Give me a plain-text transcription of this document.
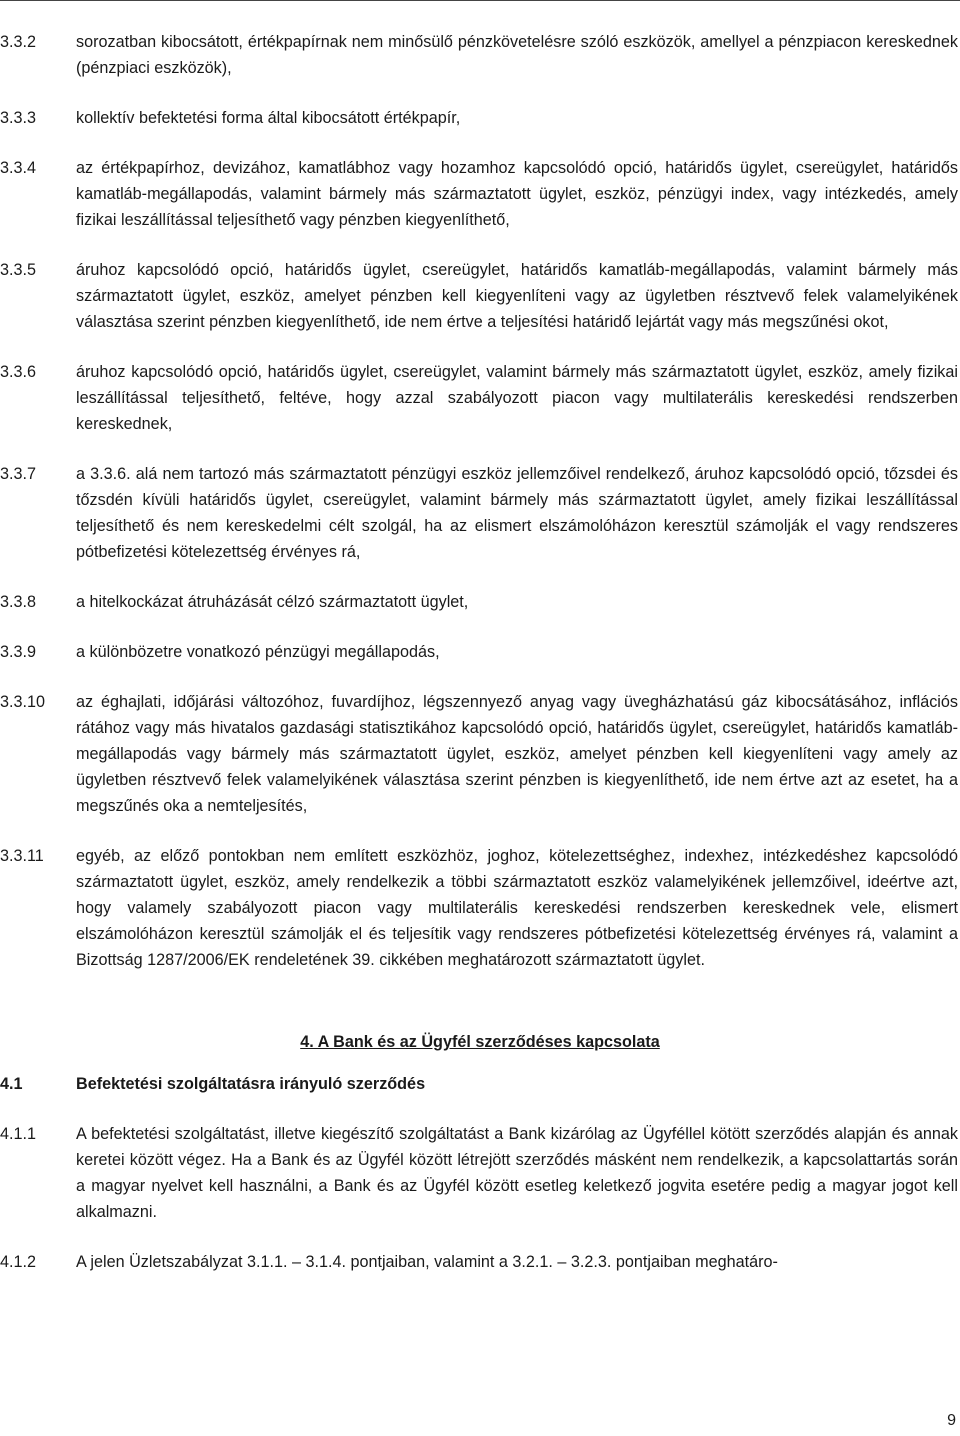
3.3.2	sorozatban kibocsátott, értékpapírnak nem minősülő pénzkövetelésre szóló eszközök, amellyel a pénzpiacon kereskednek (pénzpiaci eszközök),
3.3.3	kollektív befektetési forma által kibocsátott értékpapír,
3.3.4	az értékpapírhoz, devizához, kamatlábhoz vagy hozamhoz kapcsolódó opció, határidős ügylet, csereügylet, határidős kamatláb-megállapodás, valamint bármely más származtatott ügylet, eszköz, pénzügyi index, vagy intézkedés, amely fizikai leszállítással teljesíthető vagy pénzben kiegyenlíthető,
3.3.5	áruhoz kapcsolódó opció, határidős ügylet, csereügylet, határidős kamatláb-megállapodás, valamint bármely más származtatott ügylet, eszköz, amelyet pénzben kell kiegyenlíteni vagy az ügyletben résztvevő felek valamelyikének választása szerint pénzben kiegyenlíthető, ide nem értve a teljesítési határidő lejártát vagy más megszűnési okot,
3.3.6	áruhoz kapcsolódó opció, határidős ügylet, csereügylet, valamint bármely más származtatott ügylet, eszköz, amely fizikai leszállítással teljesíthető, feltéve, hogy azzal szabályozott piacon vagy multilaterális kereskedési rendszerben kereskednek,
3.3.7	a 3.3.6. alá nem tartozó más származtatott pénzügyi eszköz jellemzőivel rendelkező, áruhoz kapcsolódó opció, tőzsdei és tőzsdén kívüli határidős ügylet, csereügylet, valamint bármely más származtatott ügylet, amely fizikai leszállítással teljesíthető és nem kereskedelmi célt szolgál, ha az elismert elszámolóházon keresztül számolják el vagy rendszeres pótbefizetési kötelezettség érvényes rá,
3.3.8	a hitelkockázat átruházását célzó származtatott ügylet,
3.3.9	a különbözetre vonatkozó pénzügyi megállapodás,
3.3.10	az éghajlati, időjárási változóhoz, fuvardíjhoz, légszennyező anyag vagy üvegházhatású gáz kibocsátásához, inflációs rátához vagy más hivatalos gazdasági statisztikához kapcsolódó opció, határidős ügylet, csereügylet, határidős kamatláb-megállapodás vagy bármely más származtatott ügylet, eszköz, amelyet pénzben kell kiegyenlíteni vagy amely az ügyletben résztvevő felek valamelyikének választása szerint pénzben is kiegyenlíthető, ide nem értve azt az esetet, ha a megszűnés oka a nemteljesítés,
3.3.11	egyéb, az előző pontokban nem említett eszközhöz, joghoz, kötelezettséghez, indexhez, intézkedéshez kapcsolódó származtatott ügylet, eszköz, amely rendelkezik a többi származtatott eszköz valamelyikének jellemzőivel, ideértve azt, hogy valamely szabályozott piacon vagy multilaterális kereskedési rendszerben kereskednek vele, elismert elszámolóházon keresztül számolják el és teljesítik vagy rendszeres pótbefizetési kötelezettség érvényes rá, valamint a Bizottság 1287/2006/EK rendeletének 39. cikkében meghatározott származtatott ügylet.
4. A Bank és az Ügyfél szerződéses kapcsolata
4.1	Befektetési szolgáltatásra irányuló szerződés
4.1.1	A befektetési szolgáltatást, illetve kiegészítő szolgáltatást a Bank kizárólag az Ügyféllel kötött szerződés alapján és annak keretei között végez. Ha a Bank és az Ügyfél között létrejött szerződés másként nem rendelkezik, a kapcsolattartás során a magyar nyelvet kell használni, a Bank és az Ügyfél között esetleg keletkező jogvita esetére pedig a magyar jogot kell alkalmazni.
4.1.2	A jelen Üzletszabályzat 3.1.1. – 3.1.4. pontjaiban, valamint a 3.2.1. – 3.2.3. pontjaiban meghatáro-
9
